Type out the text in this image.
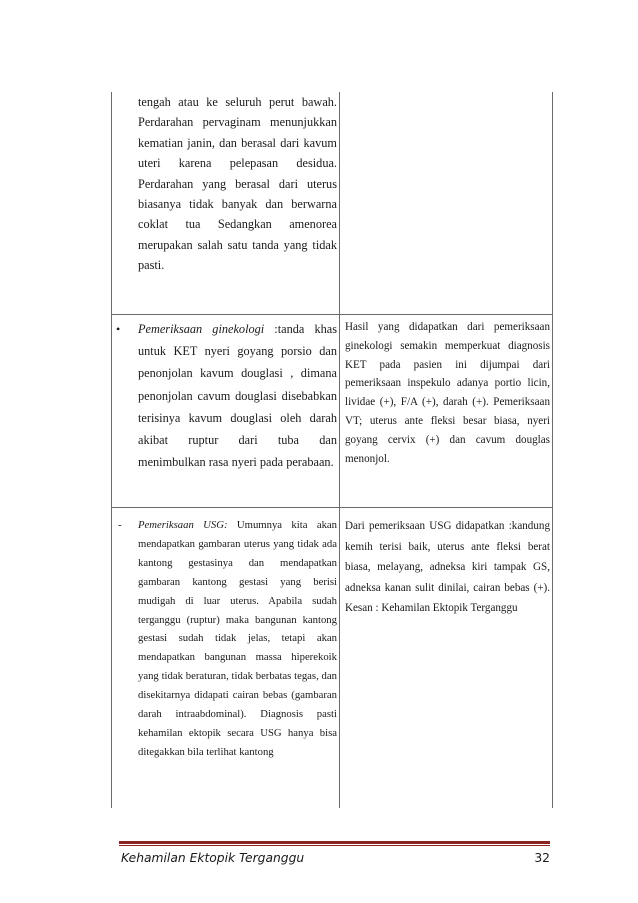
tengah atau ke seluruh perut bawah. Perdarahan pervaginam menunjukkan kematian janin, dan berasal dari kavum uteri karena pelepasan desidua. Perdarahan yang berasal dari uterus biasanya tidak banyak dan berwarna coklat tua Sedangkan amenorea merupakan salah satu tanda yang tidak pasti.

• Pemeriksaan ginekologi :tanda khas untuk KET nyeri goyang porsio dan penonjolan kavum douglasi , dimana penonjolan cavum douglasi disebabkan terisinya kavum douglasi oleh darah akibat ruptur dari tuba dan menimbulkan rasa nyeri pada perabaan.

Hasil yang didapatkan dari pemeriksaan ginekologi semakin memperkuat diagnosis KET pada pasien ini dijumpai dari pemeriksaan inspekulo adanya portio licin, lividae (+), F/A (+), darah (+). Pemeriksaan VT; uterus ante fleksi besar biasa, nyeri goyang cervix (+) dan cavum douglas menonjol.

- Pemeriksaan USG: Umumnya kita akan mendapatkan gambaran uterus yang tidak ada kantong gestasinya dan mendapatkan gambaran kantong gestasi yang berisi mudigah di luar uterus. Apabila sudah terganggu (ruptur) maka bangunan kantong gestasi sudah tidak jelas, tetapi akan mendapatkan bangunan massa hiperekoik yang tidak beraturan, tidak berbatas tegas, dan disekitarnya didapati cairan bebas (gambaran darah intraabdominal). Diagnosis pasti kehamilan ektopik secara USG hanya bisa ditegakkan bila terlihat kantong

Dari pemeriksaan USG didapatkan :kandung kemih terisi baik, uterus ante fleksi berat biasa, melayang, adneksa kiri tampak GS, adneksa kanan sulit dinilai, cairan bebas (+). Kesan : Kehamilan Ektopik Terganggu

Kehamilan Ektopik Terganggu	32
